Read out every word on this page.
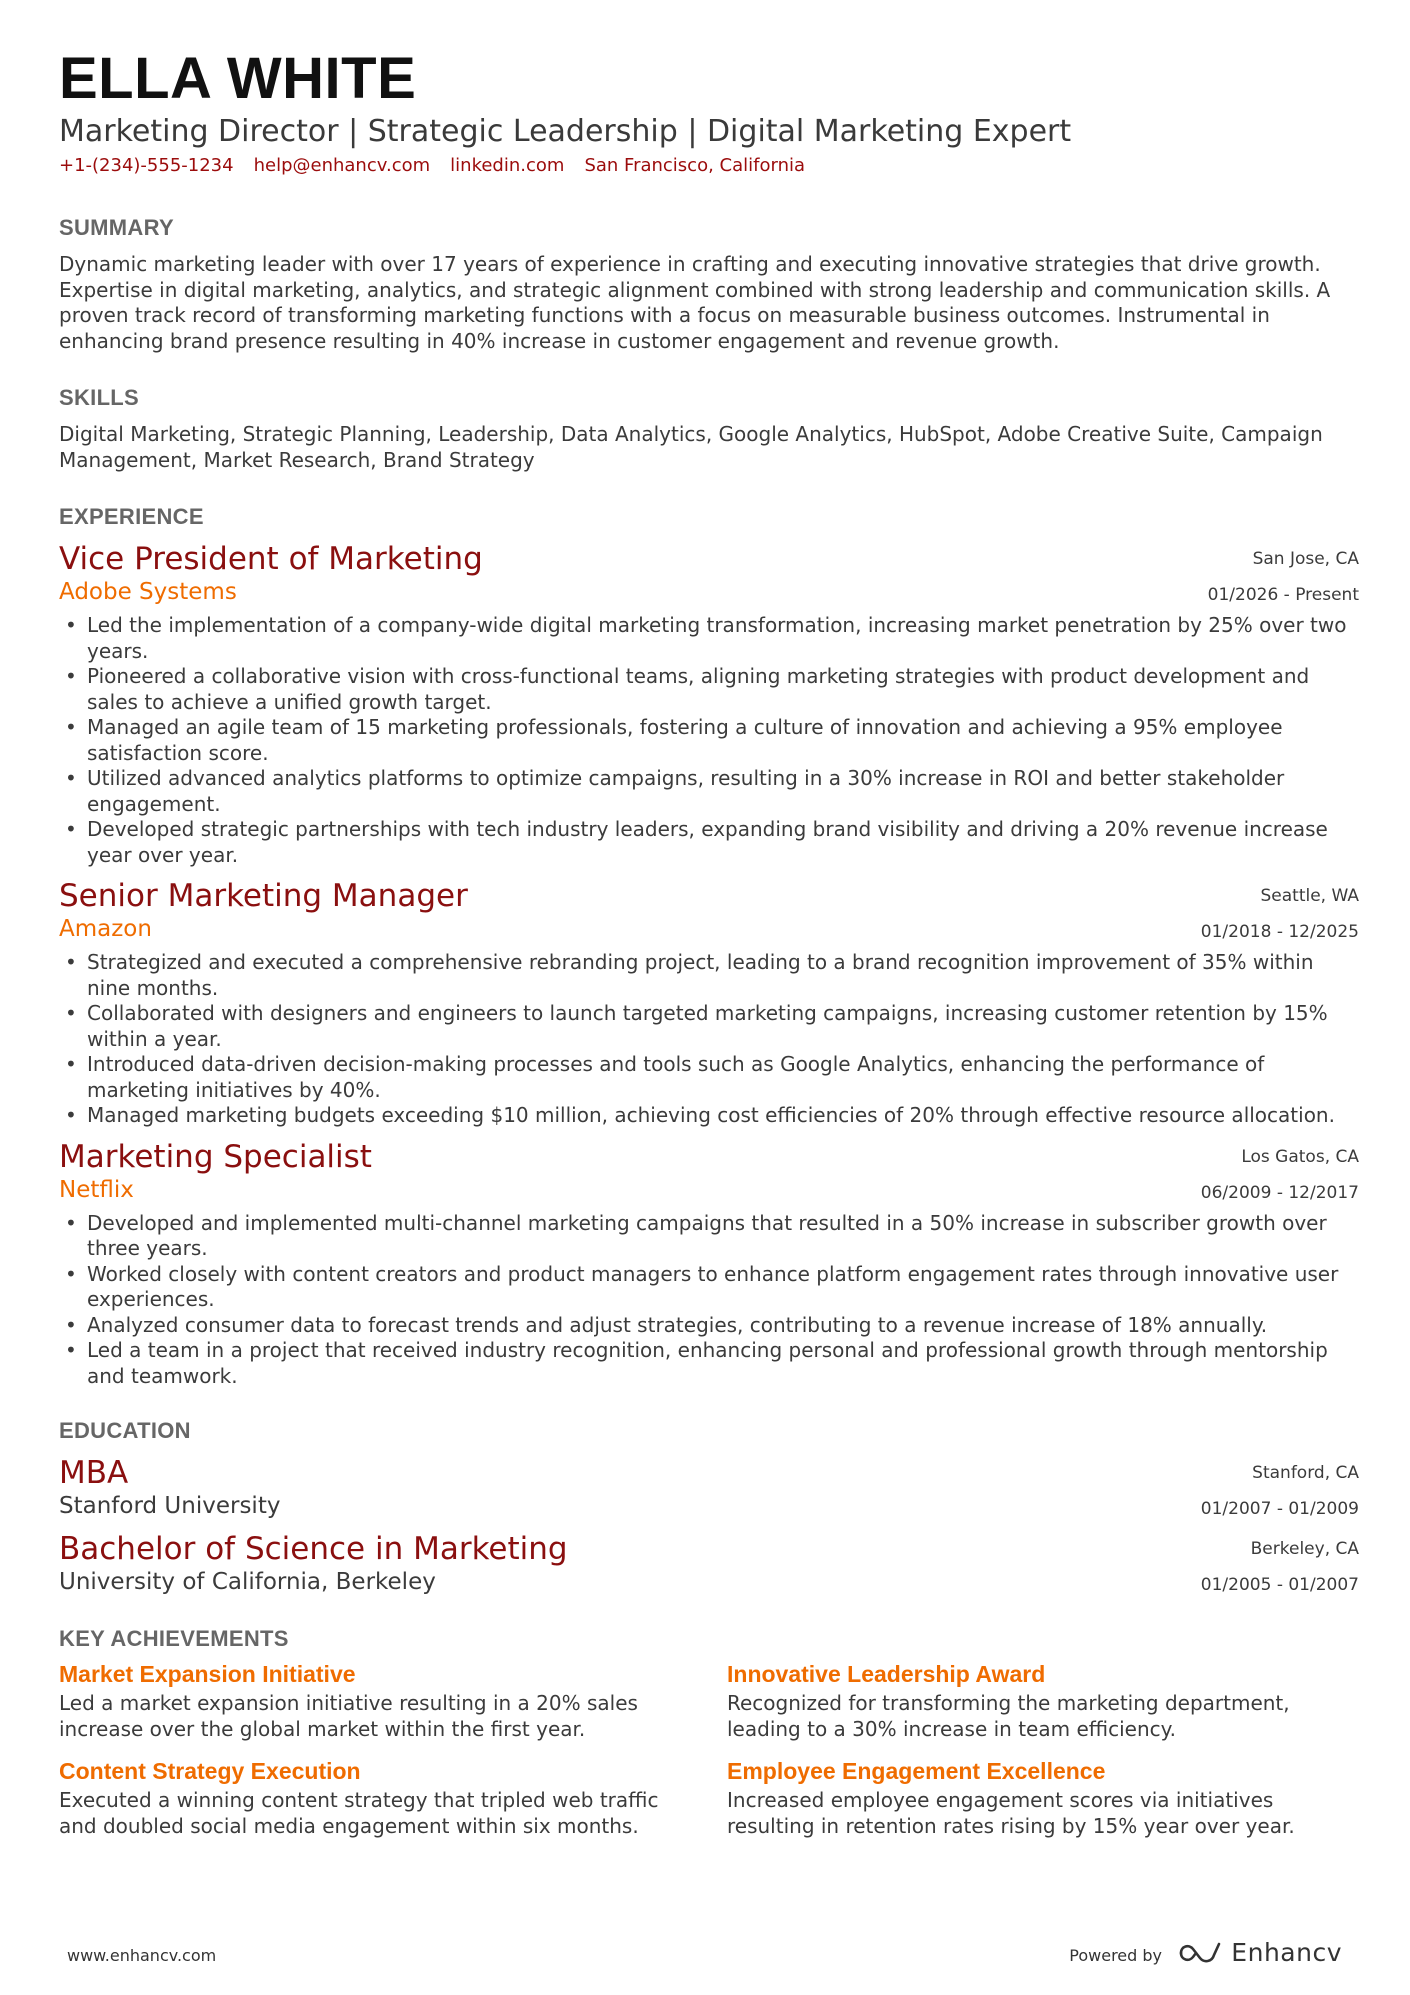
ELLA WHITE
Marketing Director | Strategic Leadership | Digital Marketing Expert
+1-(234)-555-1234 help@enhancv.com linkedin.com San Francisco, California
SUMMARY
Dynamic marketing leader with over 17 years of experience in crafting and executing innovative strategies that drive growth. Expertise in digital marketing, analytics, and strategic alignment combined with strong leadership and communication skills. A proven track record of transforming marketing functions with a focus on measurable business outcomes. Instrumental in enhancing brand presence resulting in 40% increase in customer engagement and revenue growth.
SKILLS
Digital Marketing, Strategic Planning, Leadership, Data Analytics, Google Analytics, HubSpot, Adobe Creative Suite, Campaign Management, Market Research, Brand Strategy
EXPERIENCE
Vice President of Marketing
Adobe Systems
San Jose, CA
01/2026 - Present
• Led the implementation of a company-wide digital marketing transformation, increasing market penetration by 25% over two years.
• Pioneered a collaborative vision with cross-functional teams, aligning marketing strategies with product development and sales to achieve a unified growth target.
• Managed an agile team of 15 marketing professionals, fostering a culture of innovation and achieving a 95% employee satisfaction score.
• Utilized advanced analytics platforms to optimize campaigns, resulting in a 30% increase in ROI and better stakeholder engagement.
• Developed strategic partnerships with tech industry leaders, expanding brand visibility and driving a 20% revenue increase year over year.
Senior Marketing Manager
Amazon
Seattle, WA
01/2018 - 12/2025
• Strategized and executed a comprehensive rebranding project, leading to a brand recognition improvement of 35% within nine months.
• Collaborated with designers and engineers to launch targeted marketing campaigns, increasing customer retention by 15% within a year.
• Introduced data-driven decision-making processes and tools such as Google Analytics, enhancing the performance of marketing initiatives by 40%.
• Managed marketing budgets exceeding $10 million, achieving cost efficiencies of 20% through effective resource allocation.
Marketing Specialist
Netflix
Los Gatos, CA
06/2009 - 12/2017
• Developed and implemented multi-channel marketing campaigns that resulted in a 50% increase in subscriber growth over three years.
• Worked closely with content creators and product managers to enhance platform engagement rates through innovative user experiences.
• Analyzed consumer data to forecast trends and adjust strategies, contributing to a revenue increase of 18% annually.
• Led a team in a project that received industry recognition, enhancing personal and professional growth through mentorship and teamwork.
EDUCATION
MBA
Stanford University
Stanford, CA
01/2007 - 01/2009
Bachelor of Science in Marketing
University of California, Berkeley
Berkeley, CA
01/2005 - 01/2007
KEY ACHIEVEMENTS
Market Expansion Initiative
Led a market expansion initiative resulting in a 20% sales increase over the global market within the first year.
Innovative Leadership Award
Recognized for transforming the marketing department, leading to a 30% increase in team efficiency.
Content Strategy Execution
Executed a winning content strategy that tripled web traffic and doubled social media engagement within six months.
Employee Engagement Excellence
Increased employee engagement scores via initiatives resulting in retention rates rising by 15% year over year.
www.enhancv.com	Powered by	Enhancv
